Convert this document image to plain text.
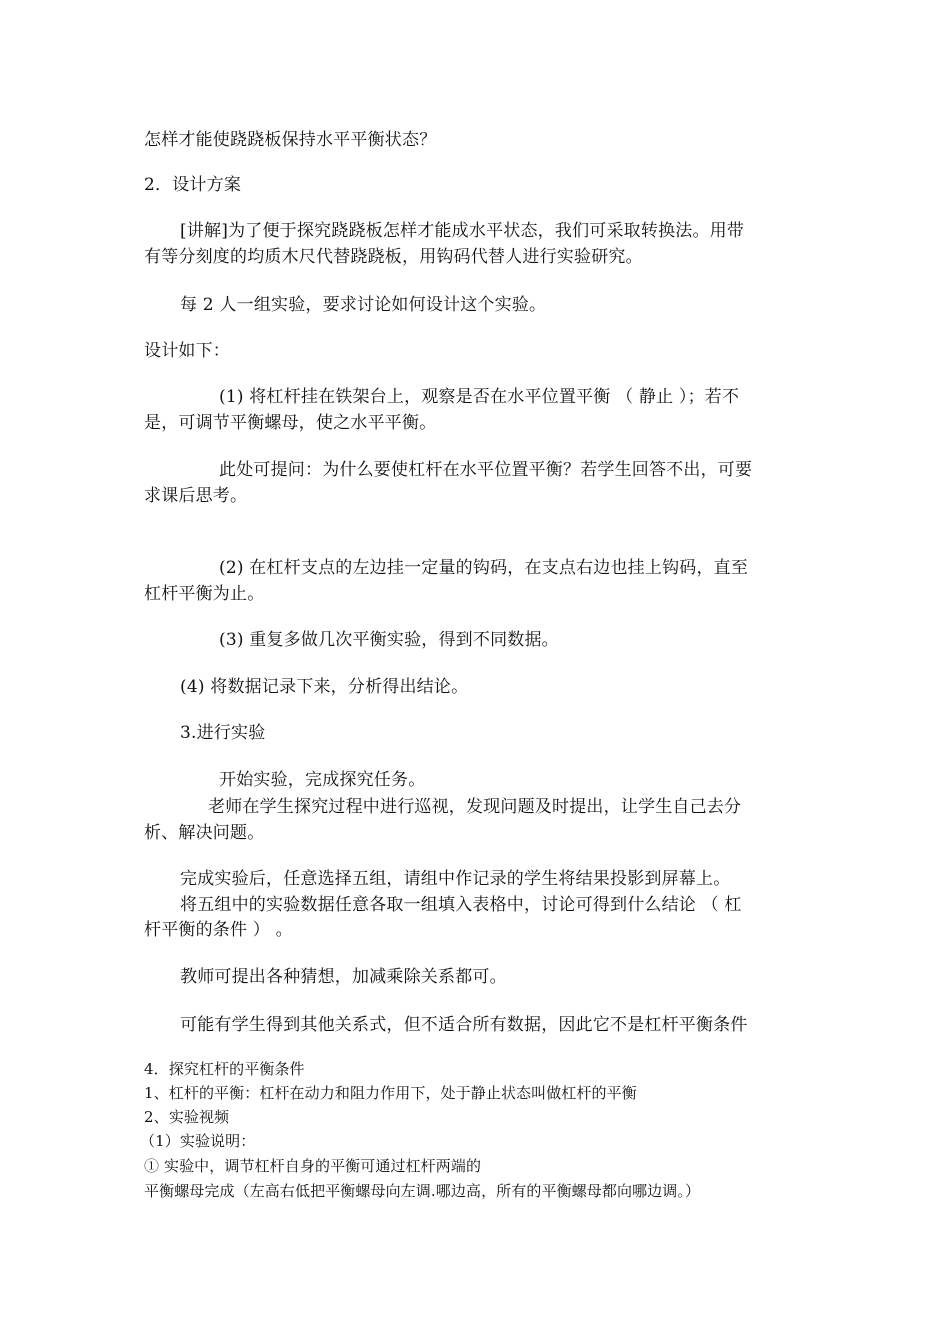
怎样才能使跷跷板保持水平平衡状态？
2．设计方案
[讲解]为了便于探究跷跷板怎样才能成水平状态，我们可采取转换法。用带
有等分刻度的均质木尺代替跷跷板，用钩码代替人进行实验研究。
每 2 人一组实验，要求讨论如何设计这个实验。
设计如下：
(1) 将杠杆挂在铁架台上，观察是否在水平位置平衡 （ 静止 ）；若不
是，可调节平衡螺母，使之水平平衡。
此处可提问：为什么要使杠杆在水平位置平衡？若学生回答不出，可要
求课后思考。
(2) 在杠杆支点的左边挂一定量的钩码，在支点右边也挂上钩码，直至
杠杆平衡为止。
(3) 重复多做几次平衡实验，得到不同数据。
(4) 将数据记录下来，分析得出结论。
3.进行实验
开始实验，完成探究任务。
老师在学生探究过程中进行巡视，发现问题及时提出，让学生自己去分
析、解决问题。
完成实验后，任意选择五组，请组中作记录的学生将结果投影到屏幕上。
将五组中的实验数据任意各取一组填入表格中，讨论可得到什么结论 （ 杠
杆平衡的条件 ） 。
教师可提出各种猜想，加减乘除关系都可。
可能有学生得到其他关系式，但不适合所有数据，因此它不是杠杆平衡条件
4．探究杠杆的平衡条件
1、杠杆的平衡：杠杆在动力和阻力作用下，处于静止状态叫做杠杆的平衡
2、实验视频
（1）实验说明：
① 实验中，调节杠杆自身的平衡可通过杠杆两端的
平衡螺母完成（左高右低把平衡螺母向左调.哪边高，所有的平衡螺母都向哪边调。）
